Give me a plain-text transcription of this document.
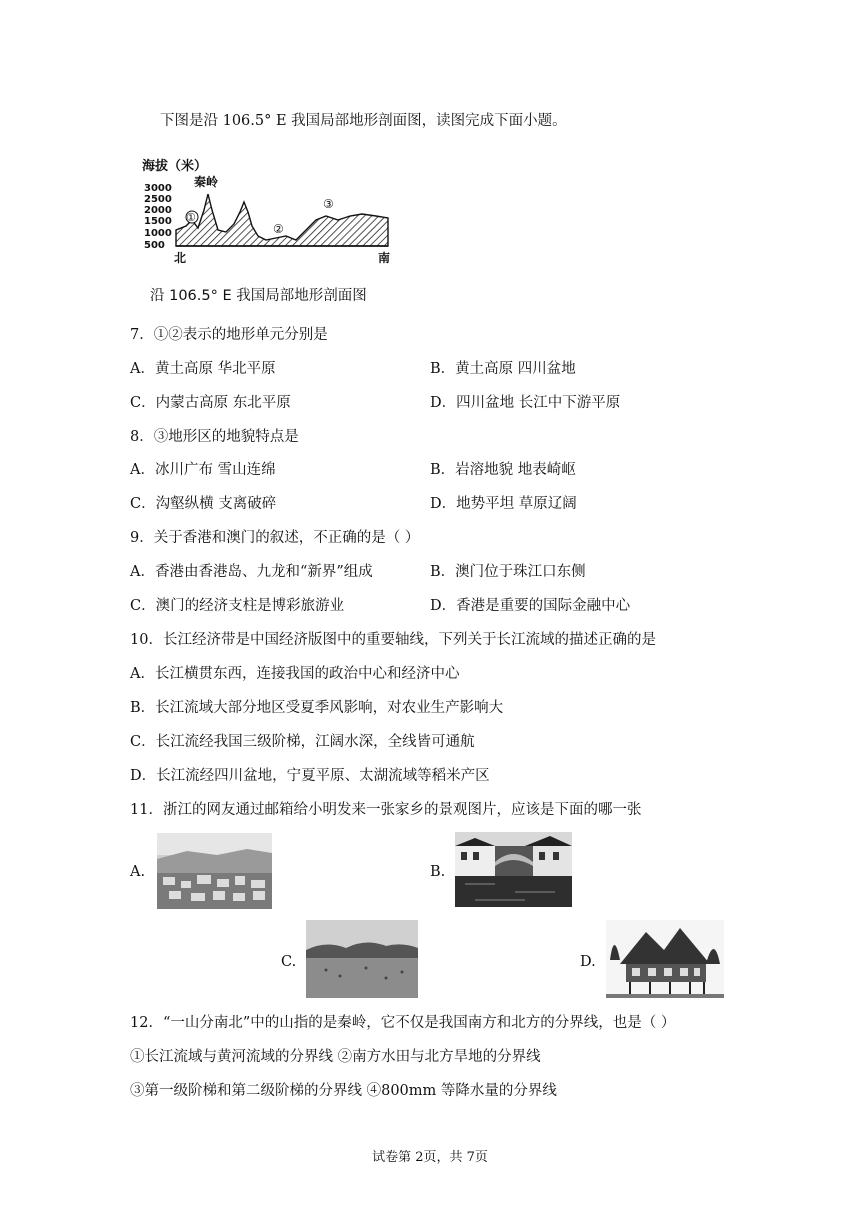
下图是沿 106.5° E 我国局部地形剖面图，读图完成下面小题。
海拔（米）
3000
2500
2000
1500
1000
500
秦岭
①
②
③
北	南
沿 106.5° E 我国局部地形剖面图
7．①②表示的地形单元分别是
A．黄土高原 华北平原	B．黄土高原 四川盆地
C．内蒙古高原 东北平原	D．四川盆地 长江中下游平原
8．③地形区的地貌特点是
A．冰川广布 雪山连绵	B．岩溶地貌 地表崎岖
C．沟壑纵横 支离破碎	D．地势平坦 草原辽阔
9．关于香港和澳门的叙述，不正确的是（ ）
A．香港由香港岛、九龙和“新界”组成	B．澳门位于珠江口东侧
C．澳门的经济支柱是博彩旅游业	D．香港是重要的国际金融中心
10．长江经济带是中国经济版图中的重要轴线，下列关于长江流域的描述正确的是
A．长江横贯东西，连接我国的政治中心和经济中心
B．长江流域大部分地区受夏季风影响，对农业生产影响大
C．长江流经我国三级阶梯，江阔水深，全线皆可通航
D．长江流经四川盆地，宁夏平原、太湖流域等稻米产区
11．浙江的网友通过邮箱给小明发来一张家乡的景观图片，应该是下面的哪一张
A.	B.
C.	D.
12．“一山分南北”中的山指的是秦岭，它不仅是我国南方和北方的分界线，也是（ ）
①长江流域与黄河流域的分界线 ②南方水田与北方旱地的分界线
③第一级阶梯和第二级阶梯的分界线 ④800mm 等降水量的分界线
试卷第 2页，共 7页
